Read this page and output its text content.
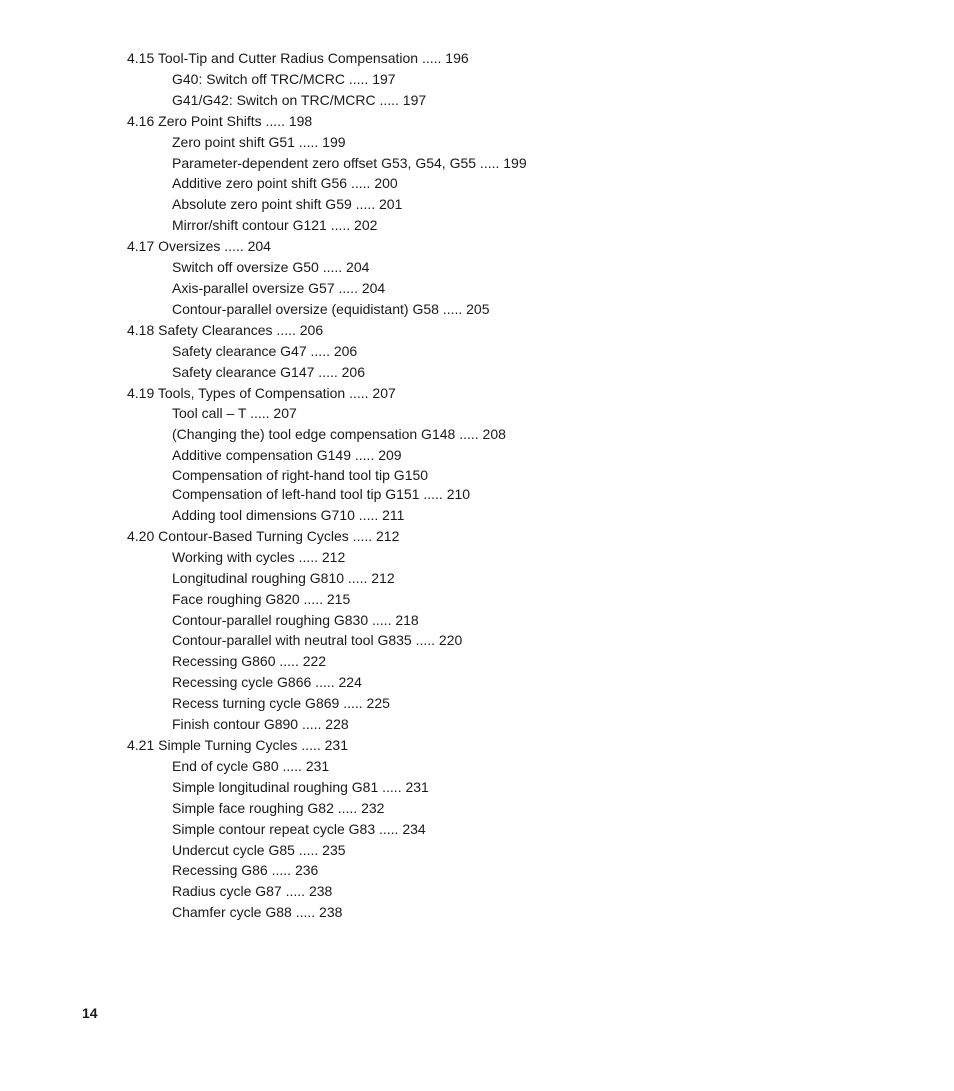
4.15 Tool-Tip and Cutter Radius Compensation ..... 196
G40: Switch off TRC/MCRC ..... 197
G41/G42: Switch on TRC/MCRC ..... 197
4.16 Zero Point Shifts ..... 198
Zero point shift G51 ..... 199
Parameter-dependent zero offset G53, G54, G55 ..... 199
Additive zero point shift G56 ..... 200
Absolute zero point shift G59 ..... 201
Mirror/shift contour G121 ..... 202
4.17 Oversizes ..... 204
Switch off oversize G50 ..... 204
Axis-parallel oversize G57 ..... 204
Contour-parallel oversize (equidistant) G58 ..... 205
4.18 Safety Clearances ..... 206
Safety clearance G47 ..... 206
Safety clearance G147 ..... 206
4.19 Tools, Types of Compensation ..... 207
Tool call – T ..... 207
(Changing the) tool edge compensation G148 ..... 208
Additive compensation G149 ..... 209
Compensation of right-hand tool tip G150
Compensation of left-hand tool tip G151 ..... 210
Adding tool dimensions G710 ..... 211
4.20 Contour-Based Turning Cycles ..... 212
Working with cycles ..... 212
Longitudinal roughing G810 ..... 212
Face roughing G820 ..... 215
Contour-parallel roughing G830 ..... 218
Contour-parallel with neutral tool G835 ..... 220
Recessing G860 ..... 222
Recessing cycle G866 ..... 224
Recess turning cycle G869 ..... 225
Finish contour G890 ..... 228
4.21 Simple Turning Cycles ..... 231
End of cycle G80 ..... 231
Simple longitudinal roughing G81 ..... 231
Simple face roughing G82 ..... 232
Simple contour repeat cycle G83 ..... 234
Undercut cycle G85 ..... 235
Recessing G86 ..... 236
Radius cycle G87 ..... 238
Chamfer cycle G88 ..... 238
14
